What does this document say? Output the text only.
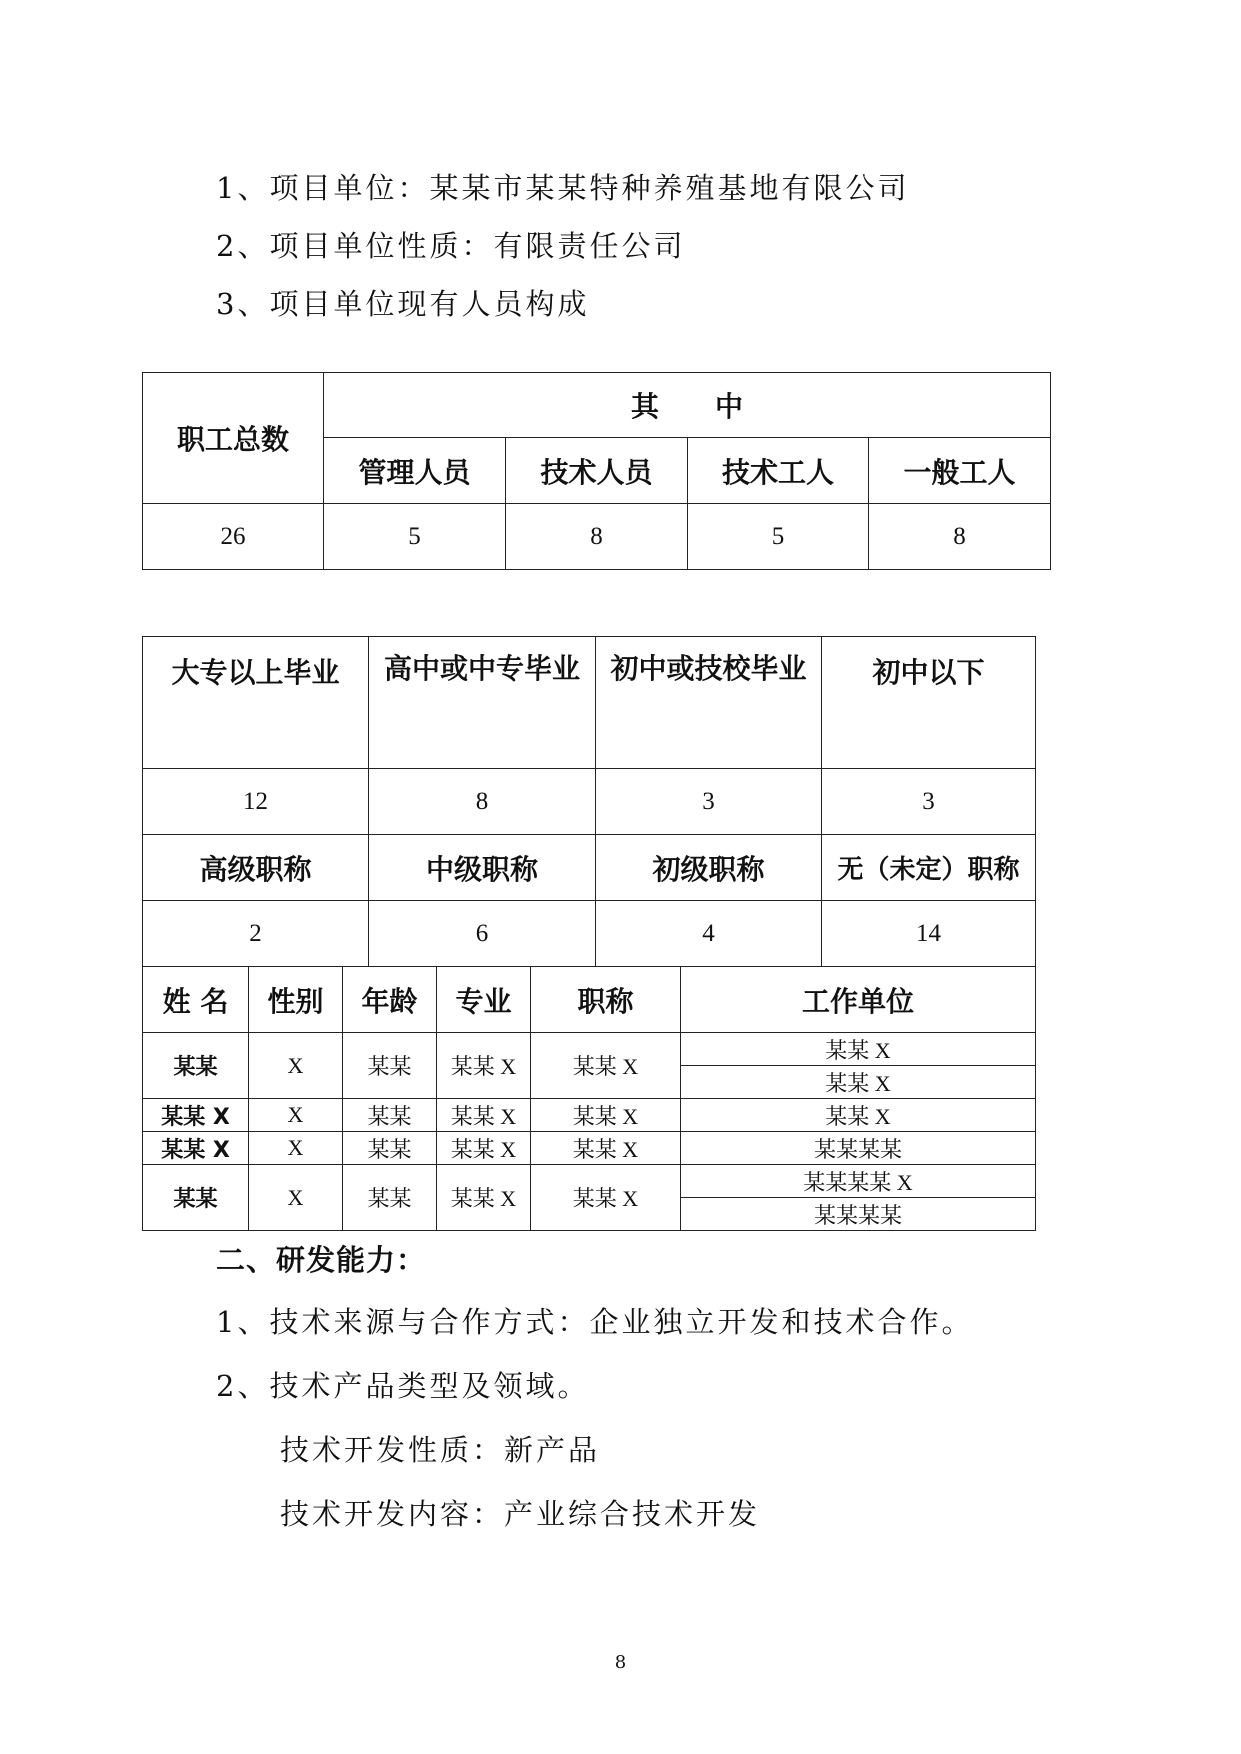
1、项目单位：某某市某某特种养殖基地有限公司
2、项目单位性质：有限责任公司
3、项目单位现有人员构成
职工总数	其　　中			
	管理人员	技术人员	技术工人	一般工人
26	5	8	5	8
大专以上毕业	高中或中专毕业	初中或技校毕业	初中以下
12	8	3	3
高级职称	中级职称	初级职称	无（未定）职称
2	6	4	14
姓 名	性别	年龄	专业	职称	工作单位
某某	X	某某	某某 X	某某 X	某某 X
					某某 X
某某 X	X	某某	某某 X	某某 X	某某 X
某某 X	X	某某	某某 X	某某 X	某某某某
某某	X	某某	某某 X	某某 X	某某某某 X
					某某某某
二、研发能力：
1、技术来源与合作方式：企业独立开发和技术合作。
2、技术产品类型及领域。
技术开发性质：新产品
技术开发内容：产业综合技术开发
8
